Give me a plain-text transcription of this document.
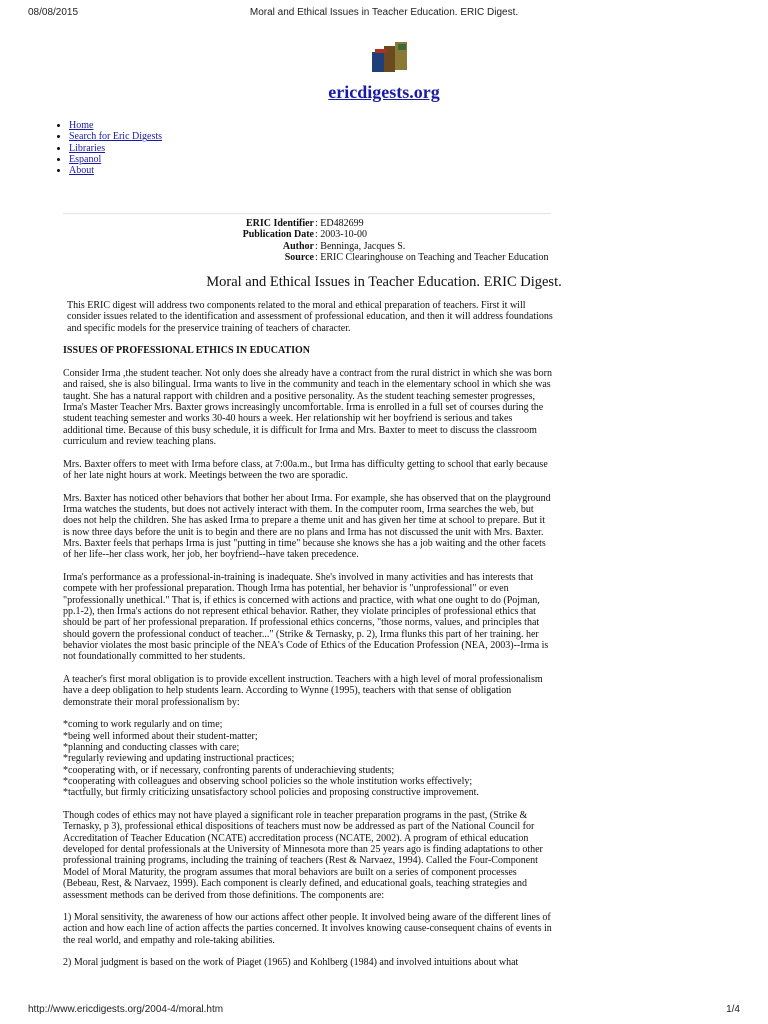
08/08/2015	Moral and Ethical Issues in Teacher Education. ERIC Digest.
ericdigests.org
• Home
• Search for Eric Digests
• Libraries
• Espanol
• About
ERIC Identifier : ED482699
Publication Date : 2003-10-00
Author : Benninga, Jacques S.
Source : ERIC Clearinghouse on Teaching and Teacher Education
Moral and Ethical Issues in Teacher Education. ERIC Digest.

This ERIC digest will address two components related to the moral and ethical preparation of teachers. First it will consider issues related to the identification and assessment of professional education, and then it will address foundations and specific models for the preservice training of teachers of character.

ISSUES OF PROFESSIONAL ETHICS IN EDUCATION

Consider Irma ,the student teacher. Not only does she already have a contract from the rural district in which she was born and raised, she is also bilingual. Irma wants to live in the community and teach in the elementary school in which she was taught. She has a natural rapport with children and a positive personality. As the student teaching semester progresses, Irma's Master Teacher Mrs. Baxter grows increasingly uncomfortable. Irma is enrolled in a full set of courses during the student teaching semester and works 30-40 hours a week. Her relationship wit her boyfriend is serious and takes additional time. Because of this busy schedule, it is difficult for Irma and Mrs. Baxter to meet to discuss the classroom curriculum and review teaching plans.

Mrs. Baxter offers to meet with Irma before class, at 7:00a.m., but Irma has difficulty getting to school that early because of her late night hours at work. Meetings between the two are sporadic.

Mrs. Baxter has noticed other behaviors that bother her about Irma. For example, she has observed that on the playground Irma watches the students, but does not actively interact with them. In the computer room, Irma searches the web, but does not help the children. She has asked Irma to prepare a theme unit and has given her time at school to prepare. But it is now three days before the unit is to begin and there are no plans and Irma has not discussed the unit with Mrs. Baxter. Mrs. Baxter feels that perhaps Irma is just "putting in time" because she knows she has a job waiting and the other facets of her life--her class work, her job, her boyfriend--have taken precedence.

Irma's performance as a professional-in-training is inadequate. She's involved in many activities and has interests that compete with her professional preparation. Though Irma has potential, her behavior is "unprofessional" or even "professionally unethical." That is, if ethics is concerned with actions and practice, with what one ought to do (Pojman, pp.1-2), then Irma's actions do not represent ethical behavior. Rather, they violate principles of professional ethics that should be part of her professional preparation. If professional ethics concerns, "those norms, values, and principles that should govern the professional conduct of teacher..." (Strike & Ternasky, p. 2), Irma flunks this part of her training. her behavior violates the most basic principle of the NEA's Code of Ethics of the Education Profession (NEA, 2003)--Irma is not foundationally committed to her students.

A teacher's first moral obligation is to provide excellent instruction. Teachers with a high level of moral professionalism have a deep obligation to help students learn. According to Wynne (1995), teachers with that sense of obligation demonstrate their moral professionalism by:

*coming to work regularly and on time;
*being well informed about their student-matter;
*planning and conducting classes with care;
*regularly reviewing and updating instructional practices;
*cooperating with, or if necessary, confronting parents of underachieving students;
*cooperating with colleagues and observing school policies so the whole institution works effectively;
*tactfully, but firmly criticizing unsatisfactory school policies and proposing constructive improvement.

Though codes of ethics may not have played a significant role in teacher preparation programs in the past, (Strike & Ternasky, p 3), professional ethical dispositions of teachers must now be addressed as part of the National Council for Accreditation of Teacher Education (NCATE) accreditation process (NCATE, 2002). A program of ethical education developed for dental professionals at the University of Minnesota more than 25 years ago is finding adaptations to other professional training programs, including the training of teachers (Rest & Narvaez, 1994). Called the Four-Component Model of Moral Maturity, the program assumes that moral behaviors are built on a series of component processes (Bebeau, Rest, & Narvaez, 1999). Each component is clearly defined, and educational goals, teaching strategies and assessment methods can be derived from those definitions. The components are:

1) Moral sensitivity, the awareness of how our actions affect other people. It involved being aware of the different lines of action and how each line of action affects the parties concerned. It involves knowing cause-consequent chains of events in the real world, and empathy and role-taking abilities.

2) Moral judgment is based on the work of Piaget (1965) and Kohlberg (1984) and involved intuitions about what

http://www.ericdigests.org/2004-4/moral.htm	1/4
